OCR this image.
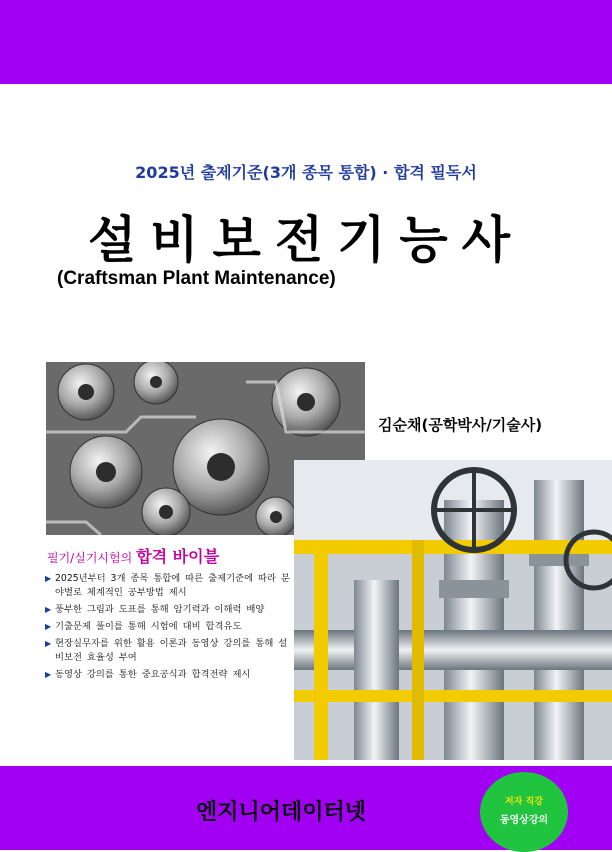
2025년 출제기준(3개 종목 통합) · 합격 필독서
설비보전기능사
(Craftsman Plant Maintenance)
김순채(공학박사/기술사)
필기/실기시험의 합격 바이블
▶ 2025년부터 3개 종목 통합에 따른 출제기준에 따라 분야별로 체계적인 공부방법 제시
▶ 풍부한 그림과 도표를 통해 암기력과 이해력 배양
▶ 기출문제 풀이를 통해 시험에 대비 합격유도
▶ 현장실무자를 위한 활용 이론과 동영상 강의를 통해 설비보전 효율성 부여
▶ 동영상 강의를 통한 중요공식과 합격전략 제시
엔지니어데이터넷	저자 직강
동영상강의
